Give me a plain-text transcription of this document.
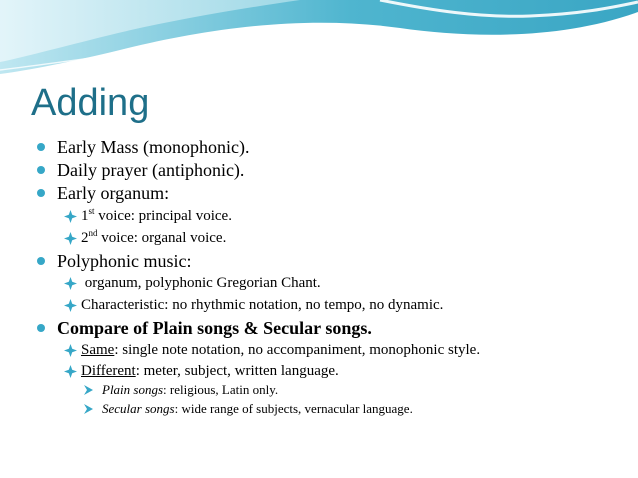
Adding
Early Mass (monophonic).
Daily prayer (antiphonic).
Early organum:
1st voice: principal voice.
2nd voice: organal voice.
Polyphonic music:
organum, polyphonic Gregorian Chant.
Characteristic: no rhythmic notation, no tempo, no dynamic.
Compare of Plain songs & Secular songs.
Same: single note notation, no accompaniment, monophonic style.
Different: meter, subject, written language.
Plain songs: religious, Latin only.
Secular songs: wide range of subjects, vernacular language.
